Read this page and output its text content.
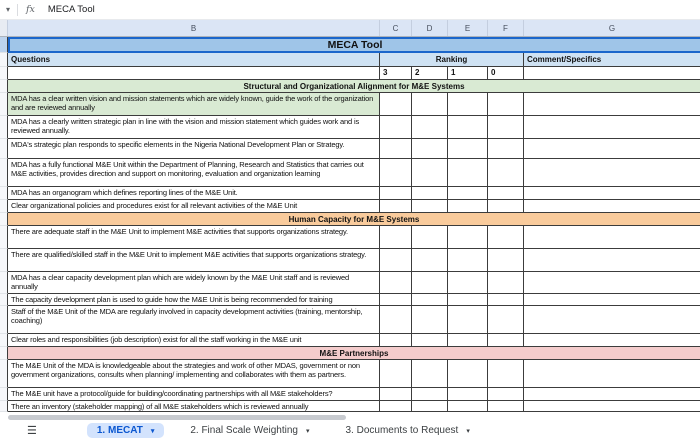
▾ fx MECA Tool
B	C	D	E	F	G
MECA Tool
Questions	Ranking	Comment/Specifics
3	2	1	0
Structural and Organizational Alignment for M&E Systems
MDA has a clear written vision and mission statements which are widely known, guide the work of the organization and are reviewed annually
MDA has a clearly written strategic plan in line with the vision and mission statement which guides work and is reviewed annually.
MDA's strategic plan responds to specific elements in the Nigeria National Development Plan or Strategy.
MDA has a fully functional M&E Unit within the Department of Planning, Research and Statistics that carries out M&E activities, provides direction and support on monitoring, evaluation and organization learning
MDA has an organogram which defines reporting lines of the M&E Unit.
Clear organizational policies and procedures exist for all relevant activities of the M&E Unit
Human Capacity for M&E Systems
There are adequate staff in the M&E Unit to implement M&E activities that supports organizations strategy.
There are qualified/skilled staff in the M&E Unit to implement M&E activities that supports organizations strategy.
MDA has a clear capacity development plan which are widely known by the M&E Unit staff and is reviewed annually
The capacity development plan is used to guide how the M&E Unit is being recommended for training
Staff of the M&E Unit of the MDA are regularly involved in capacity development activities (training, mentorship, coaching)
Clear roles and responsibilities (job description) exist for all the staff working in the M&E unit
M&E Partnerships
The M&E Unit of the MDA is knowledgeable about the strategies and work of other MDAS, government or non government organizations, consults when planning/ implementing and collaborates with them as partners.
The M&E unit have a protocol/guide for building/coordinating partnerships with all M&E stakeholders?
There an inventory (stakeholder mapping) of all M&E stakeholders which is reviewed annually
☰	1. MECAT ▾	2. Final Scale Weighting ▾	3. Documents to Request ▾
